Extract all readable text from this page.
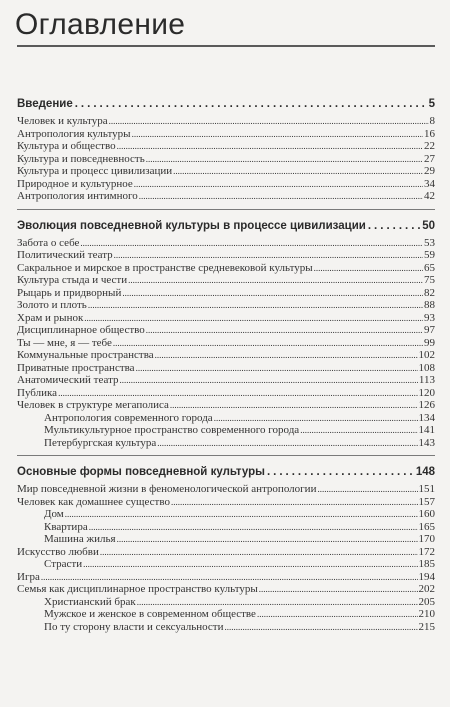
Оглавление
Введение .....	5
Человек и культура .....	8
Антропология культуры .....	16
Культура и общество .....	22
Культура и повседневность .....	27
Культура и процесс цивилизации .....	29
Природное и культурное .....	34
Антропология интимного .....	42
Эволюция повседневной культуры в процессе цивилизации .....	50
Забота о себе .....	53
Политический театр .....	59
Сакральное и мирское в пространстве средневековой культуры .....	65
Культура стыда и чести .....	75
Рыцарь и придворный .....	82
Золото и плоть .....	88
Храм и рынок .....	93
Дисциплинарное общество .....	97
Ты — мне, я — тебе .....	99
Коммунальные пространства .....	102
Приватные пространства .....	108
Анатомический театр .....	113
Публика .....	120
Человек в структуре мегаполиса .....	126
Антропология современного города .....	134
Мультикультурное пространство современного города .....	141
Петербургская культура .....	143
Основные формы повседневной культуры .....	148
Мир повседневной жизни в феноменологической антропологии .....	151
Человек как домашнее существо .....	157
Дом .....	160
Квартира .....	165
Машина жилья .....	170
Искусство любви .....	172
Страсти .....	185
Игра .....	194
Семья как дисциплинарное пространство культуры .....	202
Христианский брак .....	205
Мужское и женское в современном обществе .....	210
По ту сторону власти и сексуальности .....	215
